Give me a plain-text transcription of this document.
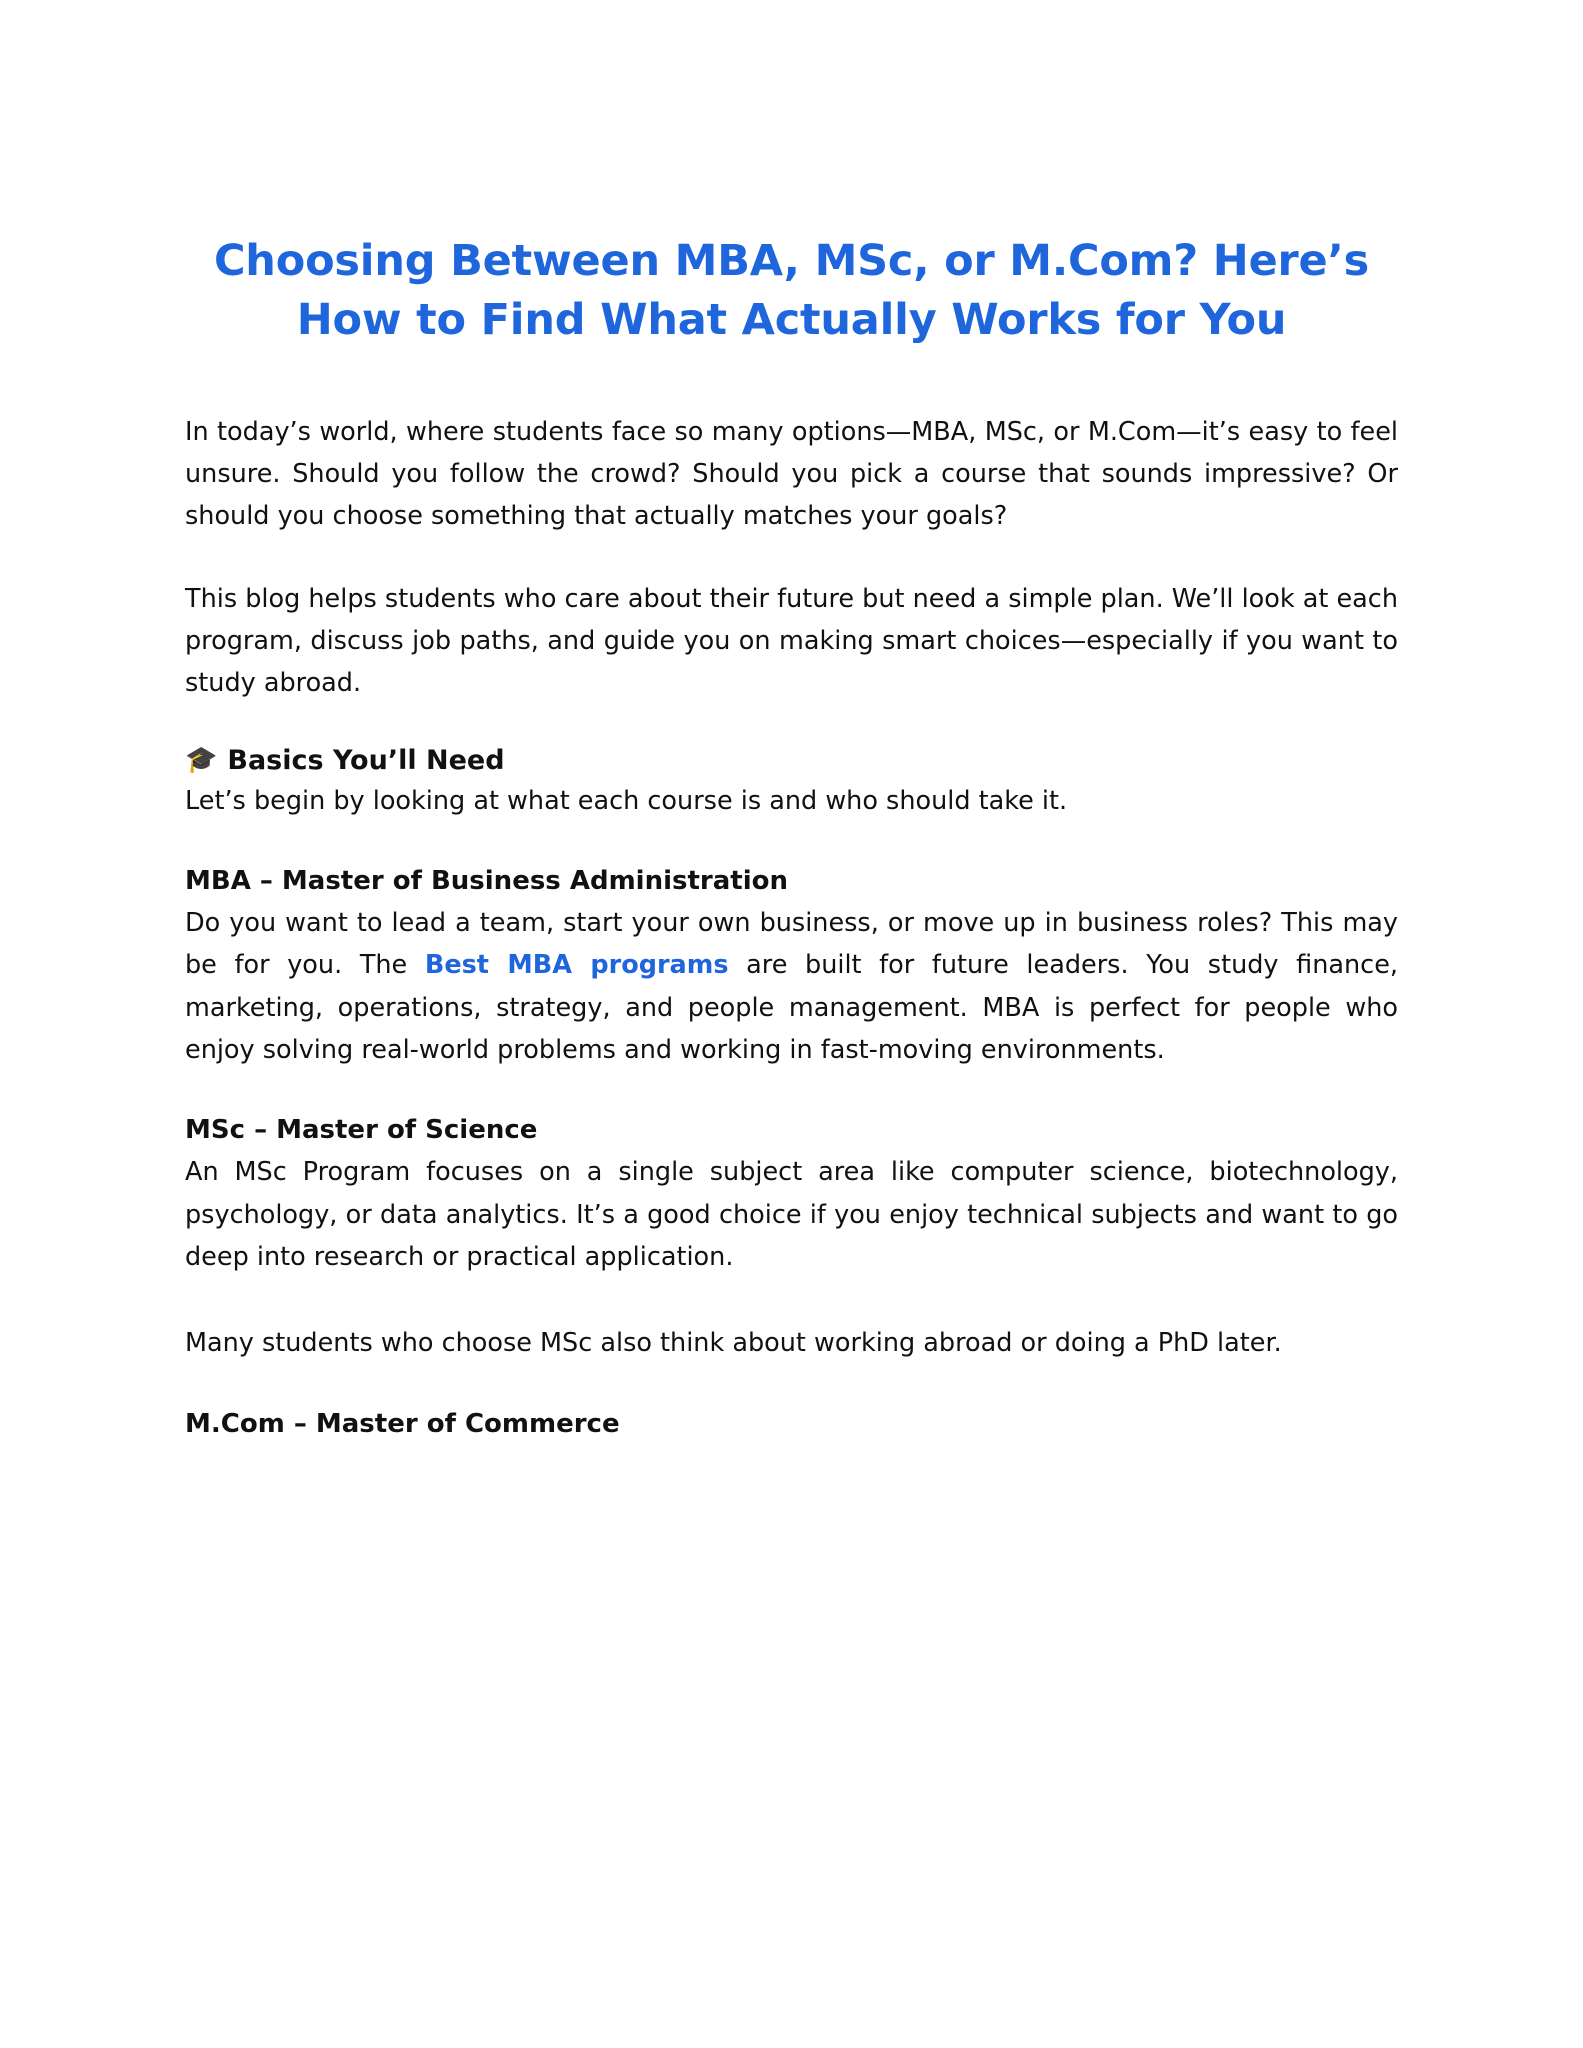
Choosing Between MBA, MSc, or M.Com? Here’s How to Find What Actually Works for You

In today’s world, where students face so many options—MBA, MSc, or M.Com—it’s easy to feel unsure. Should you follow the crowd? Should you pick a course that sounds impressive? Or should you choose something that actually matches your goals?

This blog helps students who care about their future but need a simple plan. We’ll look at each program, discuss job paths, and guide you on making smart choices—especially if you want to study abroad.

🎓 Basics You’ll Need

Let’s begin by looking at what each course is and who should take it.

MBA – Master of Business Administration

Do you want to lead a team, start your own business, or move up in business roles? This may be for you. The Best MBA programs are built for future leaders. You study finance, marketing, operations, strategy, and people management. MBA is perfect for people who enjoy solving real-world problems and working in fast-moving environments.

MSc – Master of Science

An MSc Program focuses on a single subject area like computer science, biotechnology, psychology, or data analytics. It’s a good choice if you enjoy technical subjects and want to go deep into research or practical application.

Many students who choose MSc also think about working abroad or doing a PhD later.

M.Com – Master of Commerce
